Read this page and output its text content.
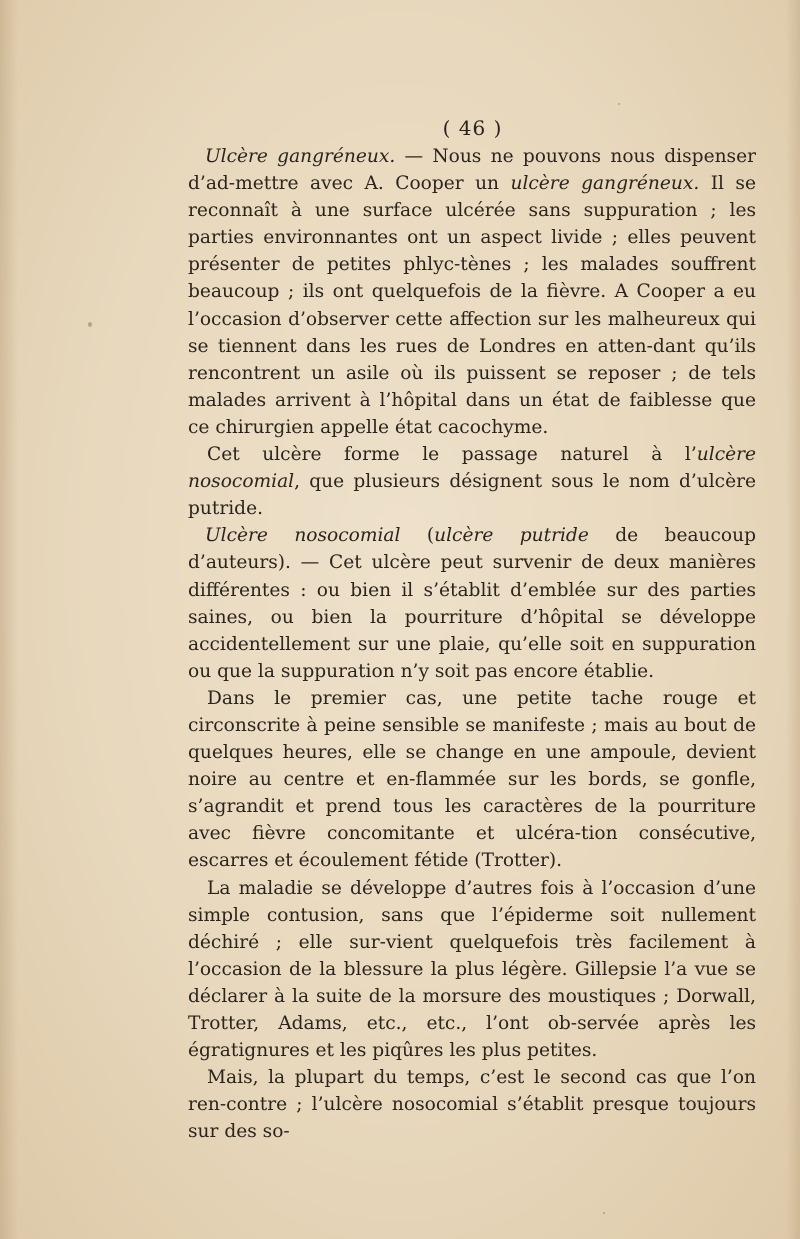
( 46 )

Ulcère gangréneux. — Nous ne pouvons nous dispenser d’ad-mettre avec A. Cooper un ulcère gangréneux. Il se reconnaît à une surface ulcérée sans suppuration ; les parties environnantes ont un aspect livide ; elles peuvent présenter de petites phlyc-tènes ; les malades souffrent beaucoup ; ils ont quelquefois de la fièvre. A Cooper a eu l’occasion d’observer cette affection sur les malheureux qui se tiennent dans les rues de Londres en atten-dant qu’ils rencontrent un asile où ils puissent se reposer ; de tels malades arrivent à l’hôpital dans un état de faiblesse que ce chirurgien appelle état cacochyme.

Cet ulcère forme le passage naturel à l’ulcère nosocomial, que plusieurs désignent sous le nom d’ulcère putride.

Ulcère nosocomial (ulcère putride de beaucoup d’auteurs). — Cet ulcère peut survenir de deux manières différentes : ou bien il s’établit d’emblée sur des parties saines, ou bien la pourriture d’hôpital se développe accidentellement sur une plaie, qu’elle soit en suppuration ou que la suppuration n’y soit pas encore établie.

Dans le premier cas, une petite tache rouge et circonscrite à peine sensible se manifeste ; mais au bout de quelques heures, elle se change en une ampoule, devient noire au centre et en-flammée sur les bords, se gonfle, s’agrandit et prend tous les caractères de la pourriture avec fièvre concomitante et ulcéra-tion consécutive, escarres et écoulement fétide (Trotter).

La maladie se développe d’autres fois à l’occasion d’une simple contusion, sans que l’épiderme soit nullement déchiré ; elle sur-vient quelquefois très facilement à l’occasion de la blessure la plus légère. Gillepsie l’a vue se déclarer à la suite de la morsure des moustiques ; Dorwall, Trotter, Adams, etc., etc., l’ont ob-servée après les égratignures et les piqûres les plus petites.

Mais, la plupart du temps, c’est le second cas que l’on ren-contre ; l’ulcère nosocomial s’établit presque toujours sur des so-
